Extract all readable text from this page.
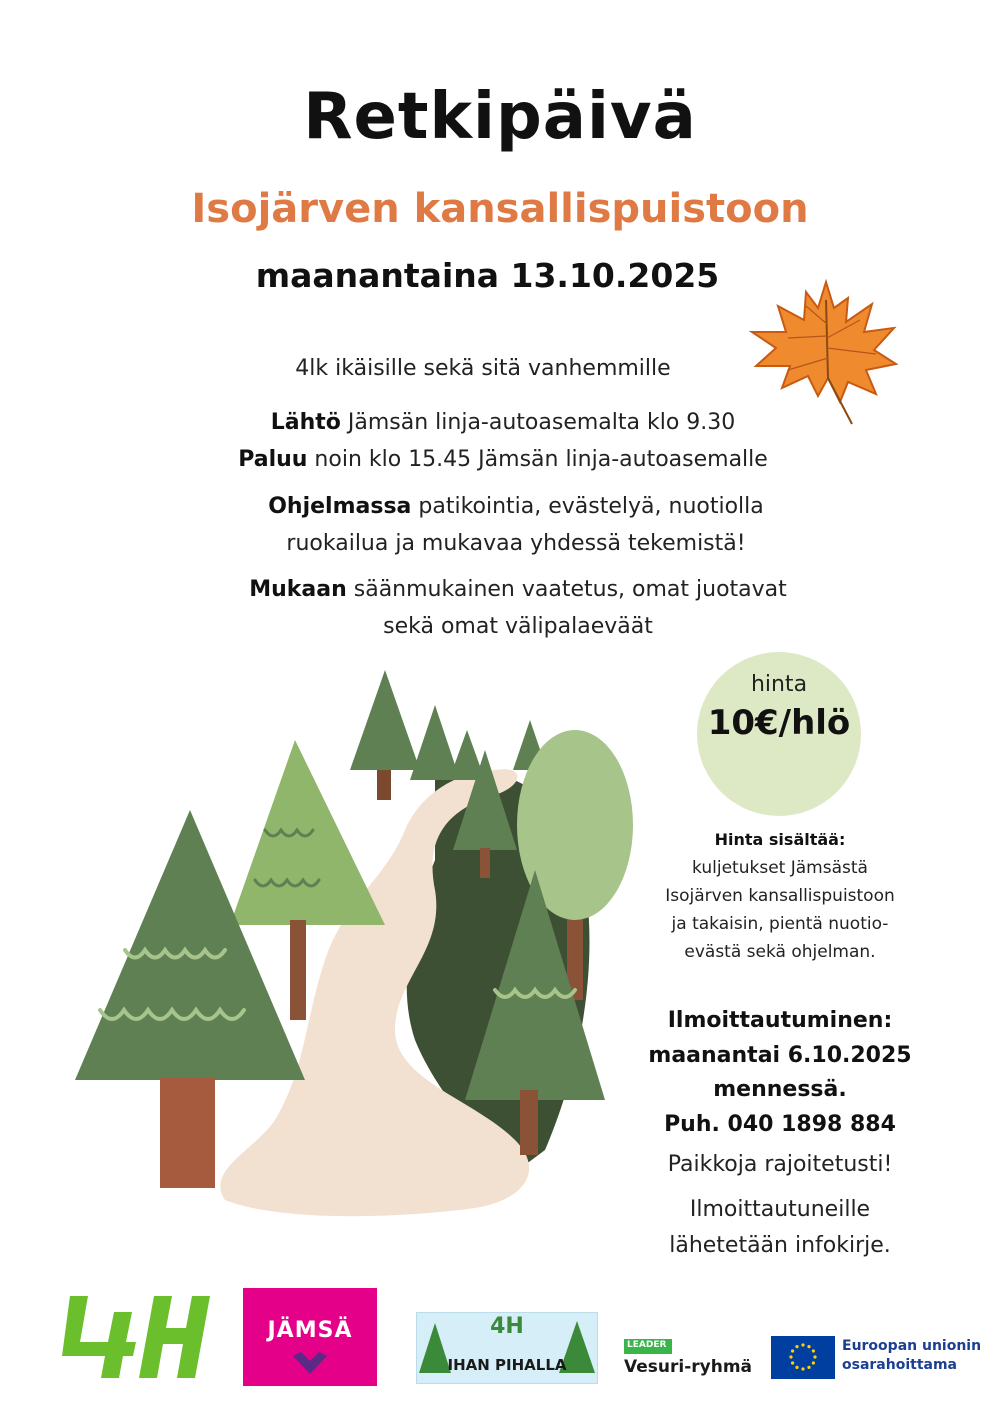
Retkipäivä
Isojärven kansallispuistoon
maanantaina 13.10.2025
4lk ikäisille sekä sitä vanhemmille
Lähtö Jämsän linja-autoasemalta klo 9.30
Paluu noin klo 15.45 Jämsän linja-autoasemalle
Ohjelmassa patikointia, evästelyä, nuotiolla
ruokailua ja mukavaa yhdessä tekemistä!
Mukaan säänmukainen vaatetus, omat juotavat
sekä omat välipalaeväät
hinta
10€/hlö
Hinta sisältää:
kuljetukset Jämsästä
Isojärven kansallispuistoon
ja takaisin, pientä nuotio-
evästä sekä ohjelman.
Ilmoittautuminen:
maanantai 6.10.2025
mennessä.
Puh. 040 1898 884
Paikkoja rajoitetusti!
Ilmoittautuneille
lähetetään infokirje.
JÄMSÄ	4H
IHAN PIHALLA
LEADER
Vesuri-ryhmä
Euroopan unionin
osarahoittama
